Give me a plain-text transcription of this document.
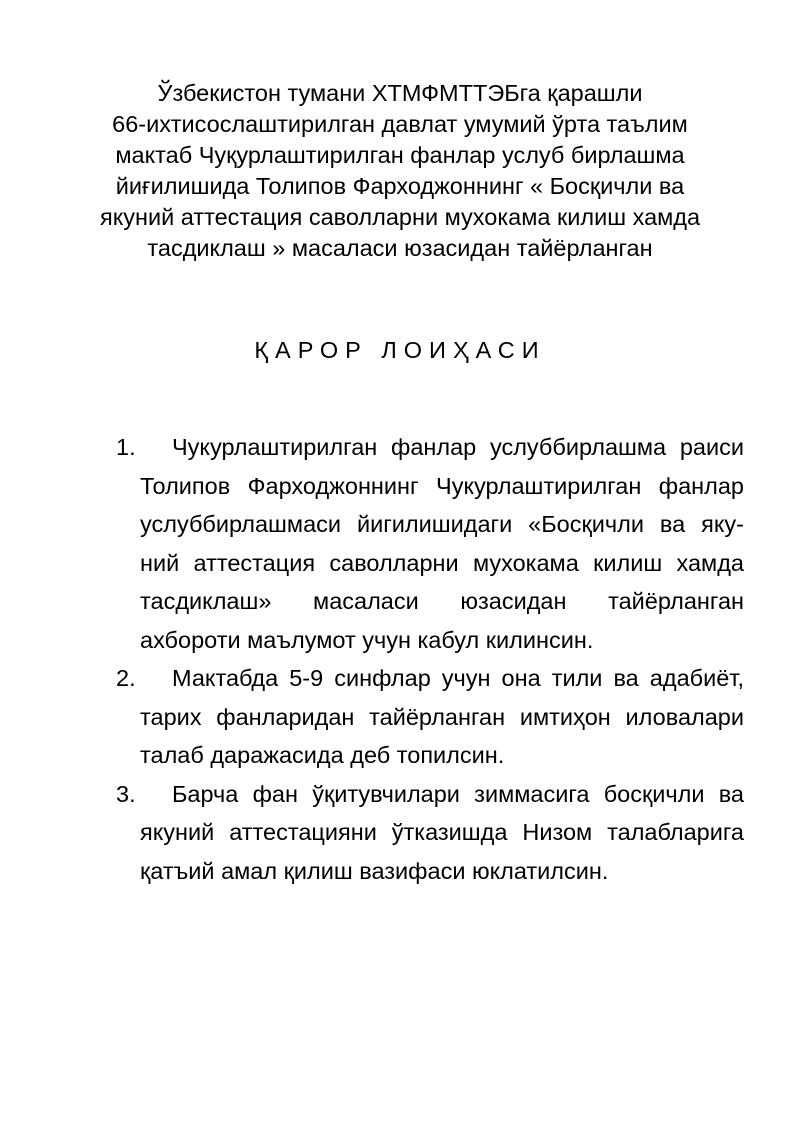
Ўзбекистон тумани ХТМФМТТЭБга қарашли
66-ихтисослаштирилган давлат умумий ўрта таълим
мактаб Чуқурлаштирилган фанлар услуб бирлашма
йиғилишида Толипов Фарходжоннинг « Босқичли ва
якуний аттестация саволларни мухокама килиш хамда
тасдиклаш » масаласи юзасидан тайёрланган
ҚАРОР ЛОИҲАСИ
1. Чукурлаштирилган фанлар услуббирлашма раиси
Толипов Фарходжоннинг Чукурлаштирилган фанлар
услуббирлашмаси йигилишидаги «Босқичли ва яку-
ний аттестация саволларни мухокама килиш хамда
тасдиклаш» масаласи юзасидан тайёрланган
ахбороти маълумот учун кабул килинсин.
2. Мактабда 5-9 синфлар учун она тили ва адабиёт,
тарих фанларидан тайёрланган имтиҳон иловалари
талаб даражасида деб топилсин.
3. Барча фан ўқитувчилари зиммасига босқичли ва
якуний аттестацияни ўтказишда Низом талабларига
қатъий амал қилиш вазифаси юклатилсин.
